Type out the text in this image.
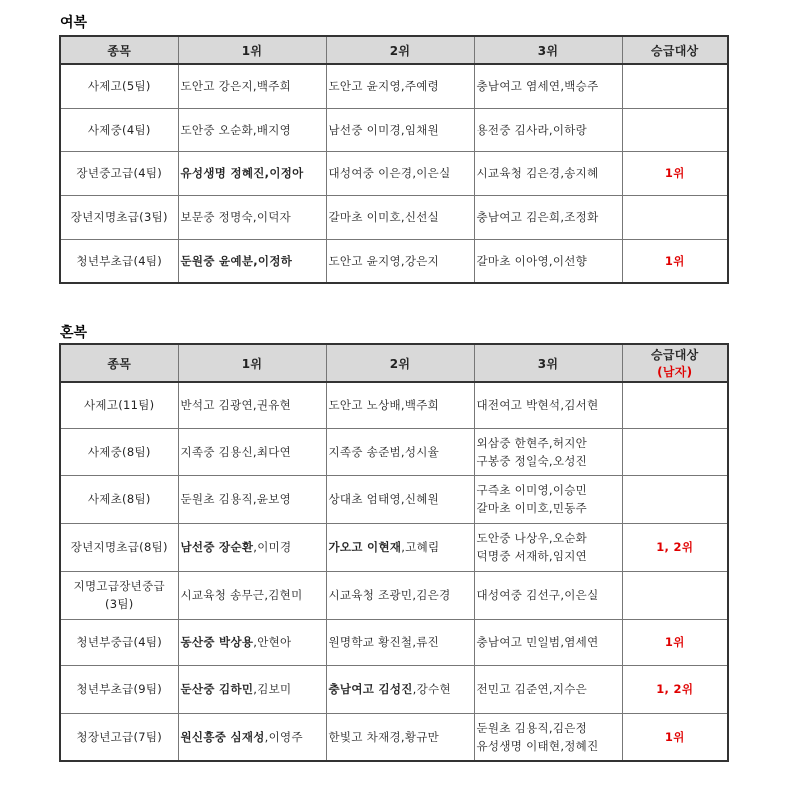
여복
종목	1위	2위	3위	승급대상
사제고(5팀)	도안고 강은지,백주희	도안고 윤지영,주예령	충남여고 염세연,백승주	

사제중(4팀)	도안중 오순화,배지영	남선중 이미경,임채원	용전중 김사라,이하랑	

장년중고급(4팀)	유성생명 정혜진,이정아	대성여중 이은경,이은실	시교육청 김은경,송지혜	1위
장년지명초급(3팀)	보문중 정명숙,이덕자	갈마초 이미호,신선실	충남여고 김은희,조정화	

청년부초급(4팀)	둔원중 윤예분,이정하	도안고 윤지영,강은지	갈마초 이아영,이선향	1위
혼복
종목	1위	2위	3위	승급대상
(남자)

사제고(11팀)	반석고 김광연,권유현	도안고 노상배,백주희	대전여고 박현석,김서현	

사제중(8팀)	지족중 김용신,최다연	지족중 송준범,성시율	외삼중 한현주,허지안
구봉중 정일숙,오성진	

사제초(8팀)	둔원초 김용직,윤보영	상대초 엄태영,신혜원	구즉초 이미영,이승민
갈마초 이미호,민동주	

장년지명초급(8팀)	남선중 장순환,이미경	가오고 이현재,고혜림	도안중 나상우,오순화
덕명중 서재하,임지연	1, 2위

지명고급장년중급
(3팀)	시교육청 송무근,김현미	시교육청 조광민,김은경	대성여중 김선구,이은실	

청년부중급(4팀)	동산중 박상용,안현아	원명학교 황진철,류진	충남여고 민일범,염세연	1위

청년부초급(9팀)	둔산중 김하민,김보미	충남여고 김성진,강수현	전민고 김준연,지수은	1, 2위

청장년고급(7팀)	원신흥중 심재성,이영주	한빛고 차재경,황규만	둔원초 김용직,김은정
유성생명 이태현,정혜진	1위
